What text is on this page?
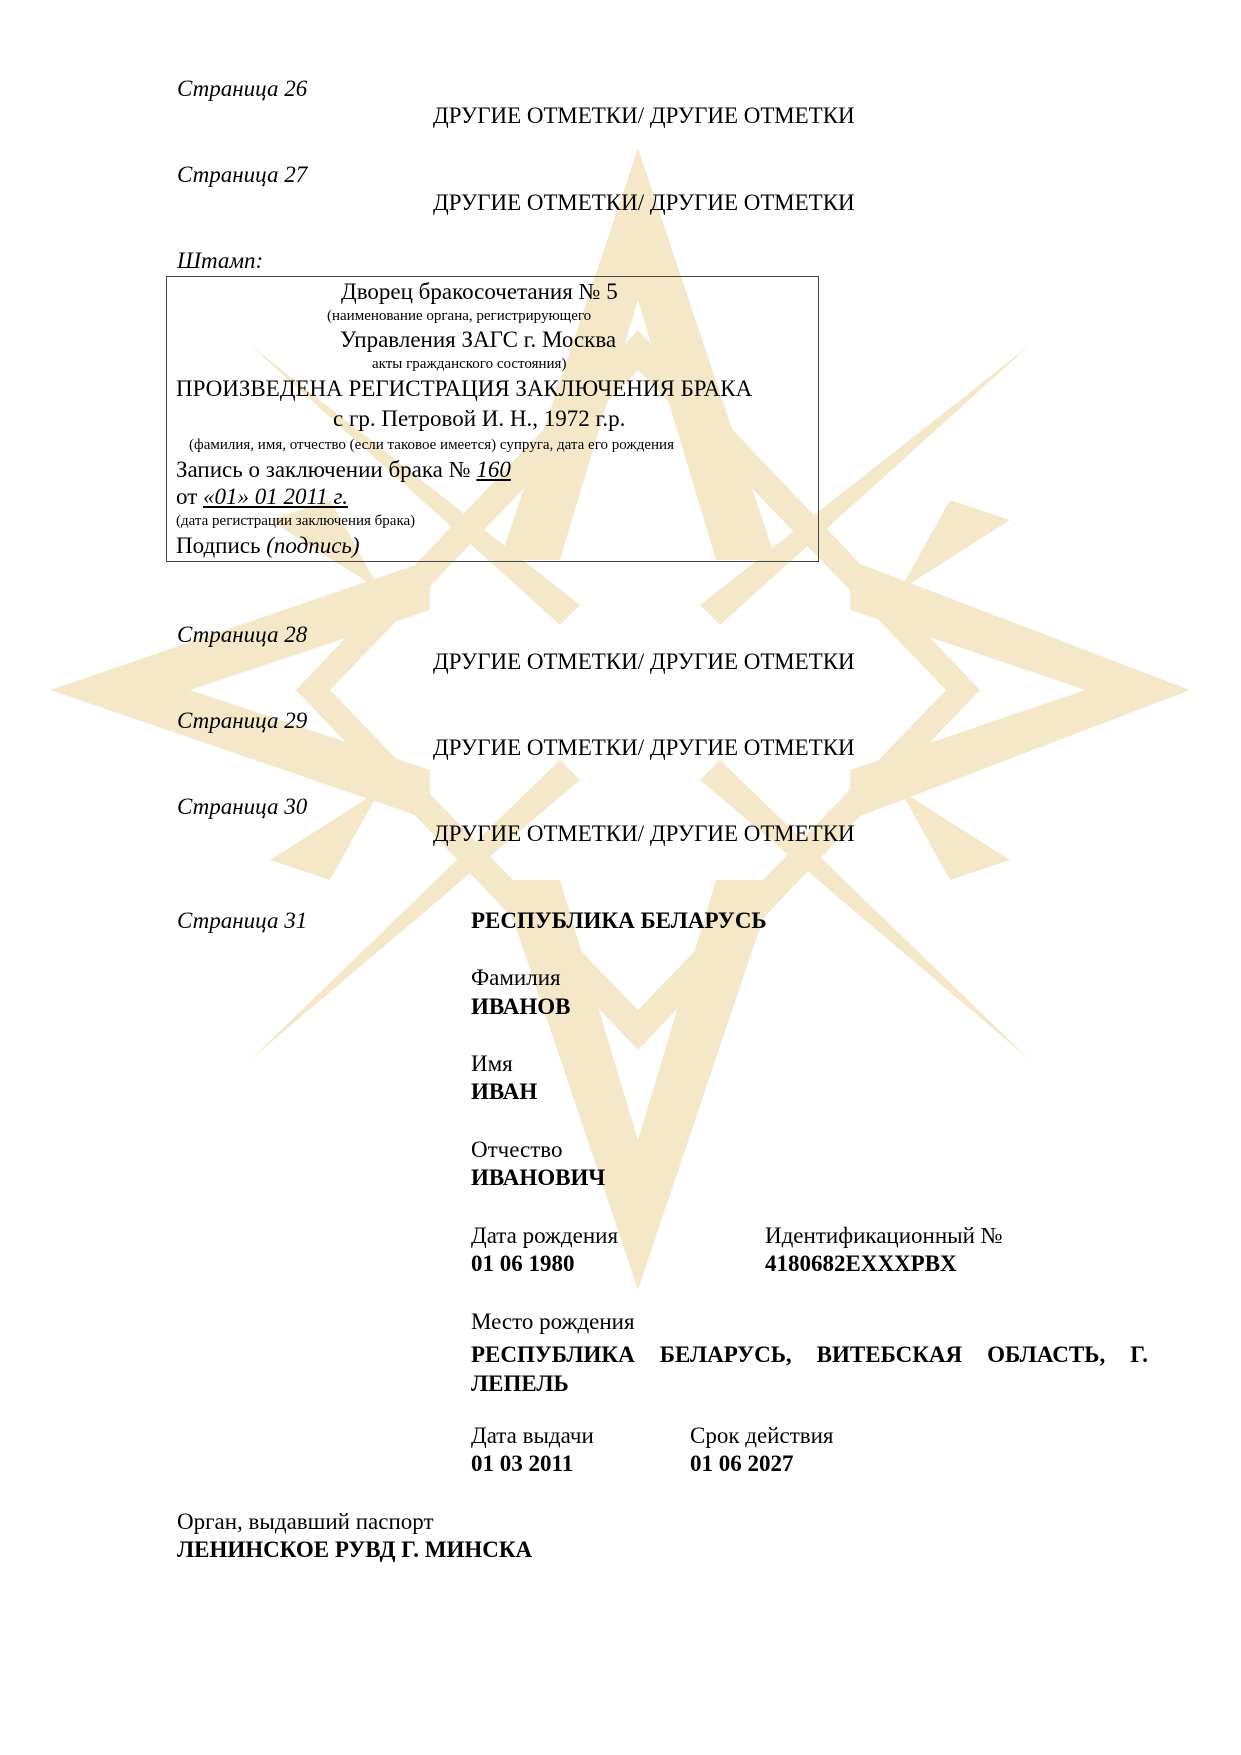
Страница 26
ДРУГИЕ ОТМЕТКИ/ ДРУГИЕ ОТМЕТКИ
Страница 27
ДРУГИЕ ОТМЕТКИ/ ДРУГИЕ ОТМЕТКИ
Штамп:
Дворец бракосочетания № 5
(наименование органа, регистрирующего
Управления ЗАГС г. Москва
акты гражданского состояния)
ПРОИЗВЕДЕНА РЕГИСТРАЦИЯ ЗАКЛЮЧЕНИЯ БРАКА
с гр. Петровой И. Н., 1972 г.р.
(фамилия, имя, отчество (если таковое имеется) супруга, дата его рождения
Запись о заключении брака № 160
от «01» 01 2011 г.
(дата регистрации заключения брака)
Подпись (подпись)
Страница 28
ДРУГИЕ ОТМЕТКИ/ ДРУГИЕ ОТМЕТКИ
Страница 29
ДРУГИЕ ОТМЕТКИ/ ДРУГИЕ ОТМЕТКИ
Страница 30
ДРУГИЕ ОТМЕТКИ/ ДРУГИЕ ОТМЕТКИ
Страница 31	РЕСПУБЛИКА БЕЛАРУСЬ
Фамилия
ИВАНОВ
Имя
ИВАН
Отчество
ИВАНОВИЧ
Дата рождения
01 06 1980
Идентификационный №
4180682EXXXPBX
Место рождения
РЕСПУБЛИКА БЕЛАРУСЬ, ВИТЕБСКАЯ ОБЛАСТЬ, Г. ЛЕПЕЛЬ
Дата выдачи
01 03 2011
Срок действия
01 06 2027
Орган, выдавший паспорт
ЛЕНИНСКОЕ РУВД Г. МИНСКА
